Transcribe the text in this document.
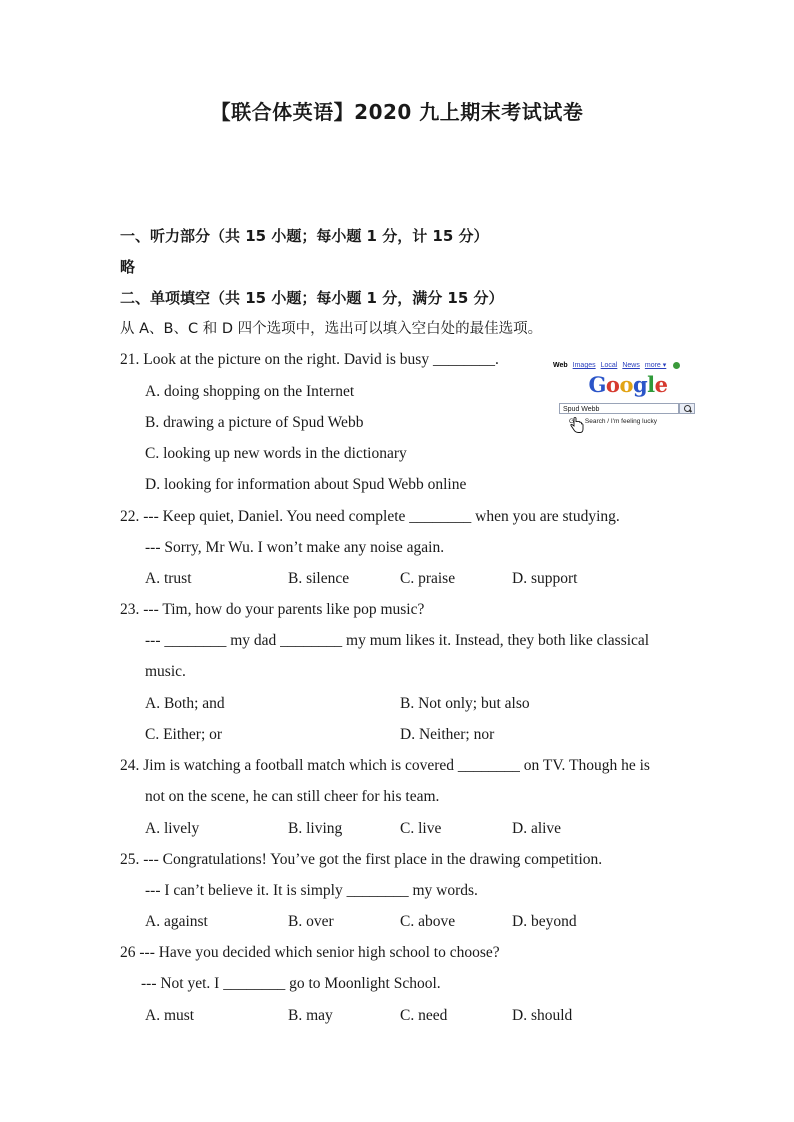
【联合体英语】2020 九上期末考试试卷
一、听力部分（共 15 小题；每小题 1 分，计 15 分）
略
二、单项填空（共 15 小题；每小题 1 分，满分 15 分）
从 A、B、C 和 D 四个选项中，选出可以填入空白处的最佳选项。
21. Look at the picture on the right. David is busy ________.
A. doing shopping on the Internet
B. drawing a picture of Spud Webb
C. looking up new words in the dictionary
D. looking for information about Spud Webb online
Web Images Local News more ▾
Google
Spud Webb
G Search / I'm feeling lucky
22. --- Keep quiet, Daniel. You need complete ________ when you are studying.
--- Sorry, Mr Wu. I won’t make any noise again.
A. trust	B. silence	C. praise	D. support
23. --- Tim, how do your parents like pop music?
--- ________ my dad ________ my mum likes it. Instead, they both like classical
music.
A. Both; and	B. Not only; but also
C. Either; or	D. Neither; nor
24. Jim is watching a football match which is covered ________ on TV. Though he is
not on the scene, he can still cheer for his team.
A. lively	B. living	C. live	D. alive
25. --- Congratulations! You’ve got the first place in the drawing competition.
--- I can’t believe it. It is simply ________ my words.
A. against	B. over	C. above	D. beyond
26 --- Have you decided which senior high school to choose?
--- Not yet. I ________ go to Moonlight School.
A. must	B. may	C. need	D. should
